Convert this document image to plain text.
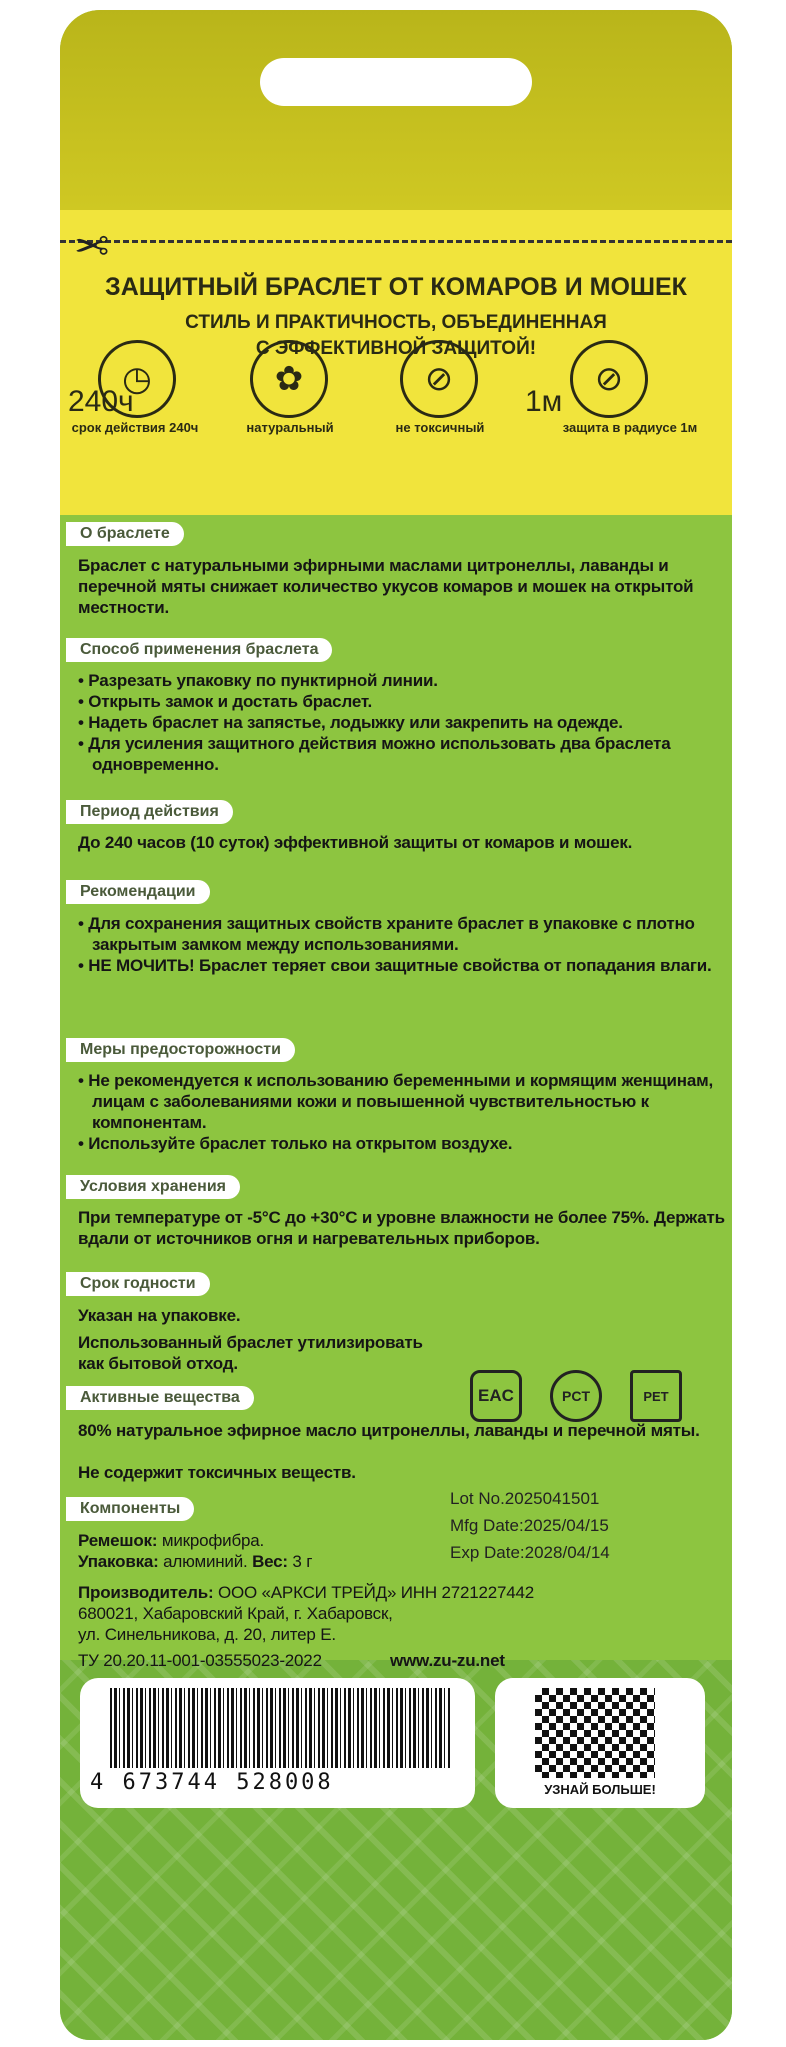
✂
ЗАЩИТНЫЙ БРАСЛЕТ ОТ КОМАРОВ И МОШЕК
СТИЛЬ И ПРАКТИЧНОСТЬ, ОБЪЕДИНЕННАЯ
С ЭФФЕКТИВНОЙ ЗАЩИТОЙ!
◷
240ч
✿	⊘	⊘
1м
срок действия 240ч	натуральный	не токсичный	защита в радиусе 1м
О браслете
Браслет с натуральными эфирными маслами цитронеллы, лаванды и перечной мяты снижает количество укусов комаров и мошек на открытой местности.
Способ применения браслета
• Разрезать упаковку по пунктирной линии.
• Открыть замок и достать браслет.
• Надеть браслет на запястье, лодыжку или закрепить на одежде.
• Для усиления защитного действия можно использовать два браслета одновременно.
Период действия
До 240 часов (10 суток) эффективной защиты от комаров и мошек.
Рекомендации
• Для сохранения защитных свойств храните браслет в упаковке с плотно закрытым замком между использованиями.
• НЕ МОЧИТЬ! Браслет теряет свои защитные свойства от попадания влаги.
Меры предосторожности
• Не рекомендуется к использованию беременными и кормящим женщинам, лицам с заболеваниями кожи и повышенной чувствительностью к компонентам.
• Используйте браслет только на открытом воздухе.
Условия хранения
При температуре от -5°C до +30°C и уровне влажности не более 75%. Держать вдали от источников огня и нагревательных приборов.
Срок годности
Указан на упаковке.
Использованный браслет утилизировать как бытовой отход.
EAC	PCT	PET
Активные вещества
80% натуральное эфирное масло цитронеллы, лаванды и перечной мяты.
Не содержит токсичных веществ.
Lot No.2025041501
Mfg Date:2025/04/15
Exp Date:2028/04/14
Компоненты
Ремешок: микрофибра.
Упаковка: алюминий. Вес: 3 г
Производитель: ООО «АРКСИ ТРЕЙД» ИНН 2721227442
680021, Хабаровский Край, г. Хабаровск,
ул. Синельникова, д. 20, литер Е.
ТУ 20.20.11-001-03555023-2022	www.zu-zu.net
4 673744 528008	УЗНАЙ БОЛЬШЕ!
